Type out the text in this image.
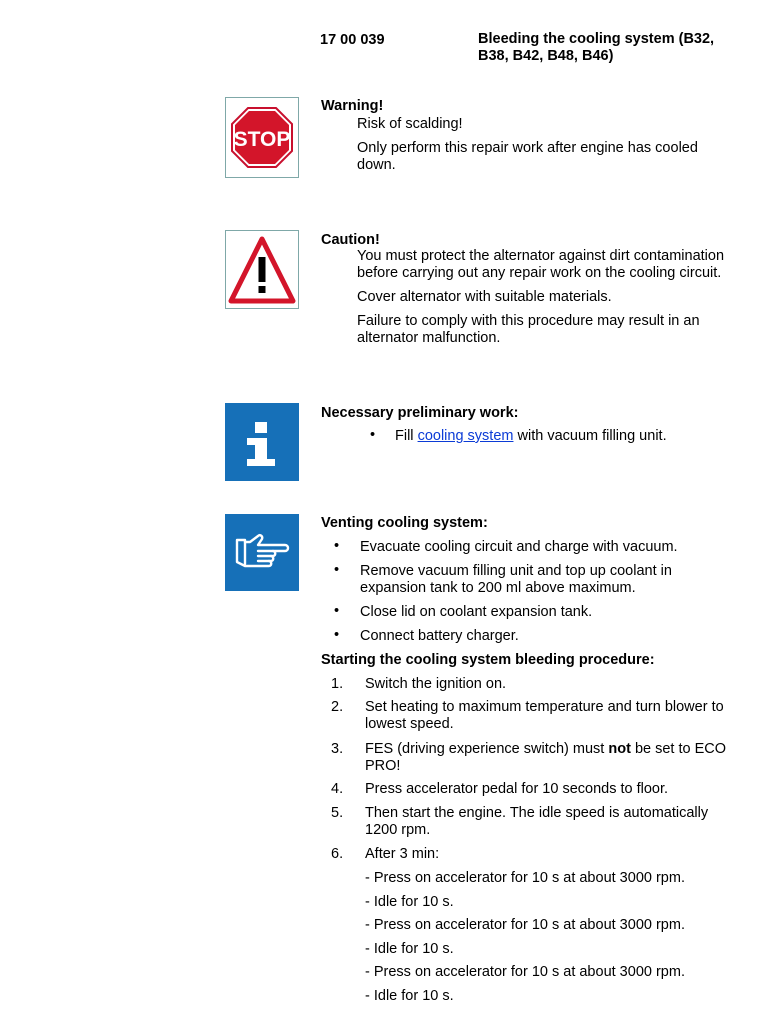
17 00 039	Bleeding the cooling system (B32, B38, B42, B48, B46)
STOP
Warning!
Risk of scalding!
Only perform this repair work after engine has cooled down.
Caution!
You must protect the alternator against dirt contamination before carrying out any repair work on the cooling circuit.
Cover alternator with suitable materials.
Failure to comply with this procedure may result in an alternator malfunction.
Necessary preliminary work:
• Fill cooling system with vacuum filling unit.
Venting cooling system:
• Evacuate cooling circuit and charge with vacuum.
• Remove vacuum filling unit and top up coolant in expansion tank to 200 ml above maximum.
• Close lid on coolant expansion tank.
• Connect battery charger.
Starting the cooling system bleeding procedure:
1. Switch the ignition on.
2. Set heating to maximum temperature and turn blower to lowest speed.
3. FES (driving experience switch) must not be set to ECO PRO!
4. Press accelerator pedal for 10 seconds to floor.
5. Then start the engine. The idle speed is automatically 1200 rpm.
6. After 3 min:
- Press on accelerator for 10 s at about 3000 rpm.
- Idle for 10 s.
- Press on accelerator for 10 s at about 3000 rpm.
- Idle for 10 s.
- Press on accelerator for 10 s at about 3000 rpm.
- Idle for 10 s.
